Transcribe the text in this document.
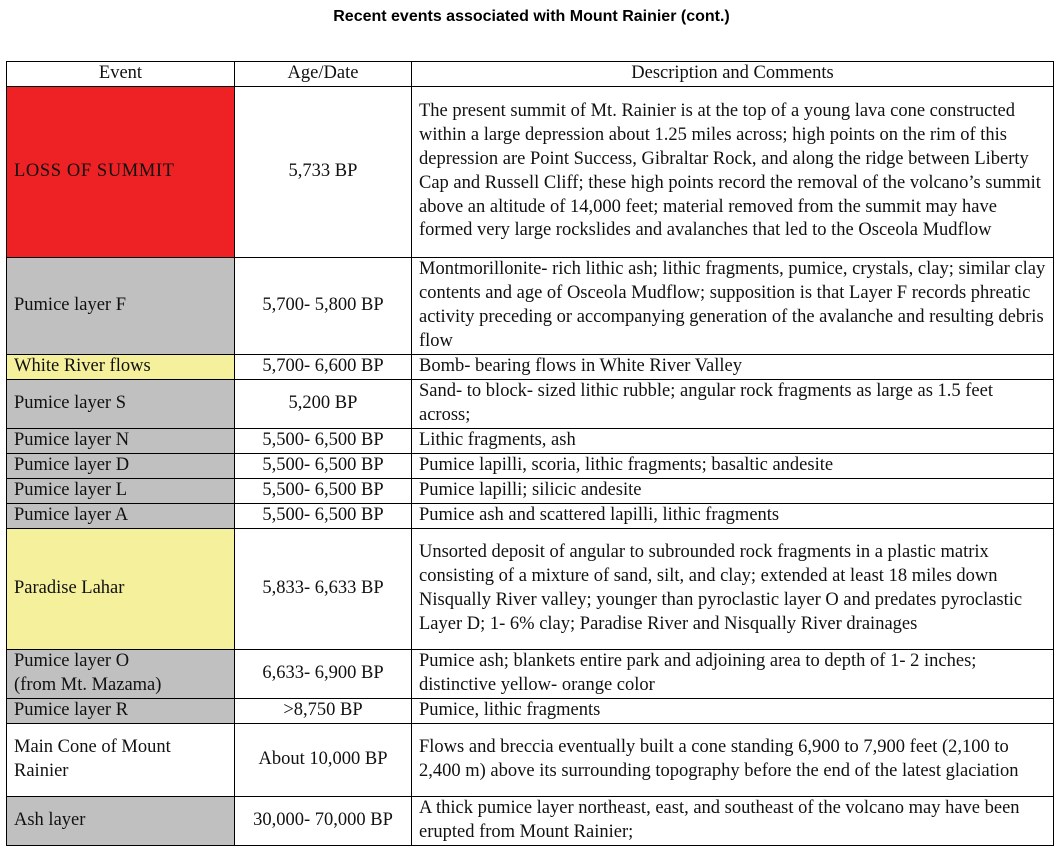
Recent events associated with Mount Rainier (cont.)
Event	Age/Date	Description and Comments
LOSS OF SUMMIT	5,733 BP	The present summit of Mt. Rainier is at the top of a young lava cone constructed within a large depression about 1.25 miles across; high points on the rim of this depression are Point Success, Gibraltar Rock, and along the ridge between Liberty Cap and Russell Cliff; these high points record the removal of the volcano’s summit above an altitude of 14,000 feet; material removed from the summit may have formed very large rockslides and avalanches that led to the Osceola Mudflow
Pumice layer F	5,700- 5,800 BP	Montmorillonite- rich lithic ash; lithic fragments, pumice, crystals, clay; similar clay contents and age of Osceola Mudflow; supposition is that Layer F records phreatic activity preceding or accompanying generation of the avalanche and resulting debris flow
White River flows	5,700- 6,600 BP	Bomb- bearing flows in White River Valley
Pumice layer S	5,200 BP	Sand- to block- sized lithic rubble; angular rock fragments as large as 1.5 feet across;
Pumice layer N	5,500- 6,500 BP	Lithic fragments, ash
Pumice layer D	5,500- 6,500 BP	Pumice lapilli, scoria, lithic fragments; basaltic andesite
Pumice layer L	5,500- 6,500 BP	Pumice lapilli; silicic andesite
Pumice layer A	5,500- 6,500 BP	Pumice ash and scattered lapilli, lithic fragments
Paradise Lahar	5,833- 6,633 BP	Unsorted deposit of angular to subrounded rock fragments in a plastic matrix consisting of a mixture of sand, silt, and clay; extended at least 18 miles down Nisqually River valley; younger than pyroclastic layer O and predates pyroclastic Layer D; 1- 6% clay; Paradise River and Nisqually River drainages
Pumice layer O
(from Mt. Mazama)	6,633- 6,900 BP	Pumice ash; blankets entire park and adjoining area to depth of 1- 2 inches; distinctive yellow- orange color
Pumice layer R	>8,750 BP	Pumice, lithic fragments
Main Cone of Mount Rainier	About 10,000 BP	Flows and breccia eventually built a cone standing 6,900 to 7,900 feet (2,100 to 2,400 m) above its surrounding topography before the end of the latest glaciation
Ash layer	30,000- 70,000 BP	A thick pumice layer northeast, east, and southeast of the volcano may have been erupted from Mount Rainier;
